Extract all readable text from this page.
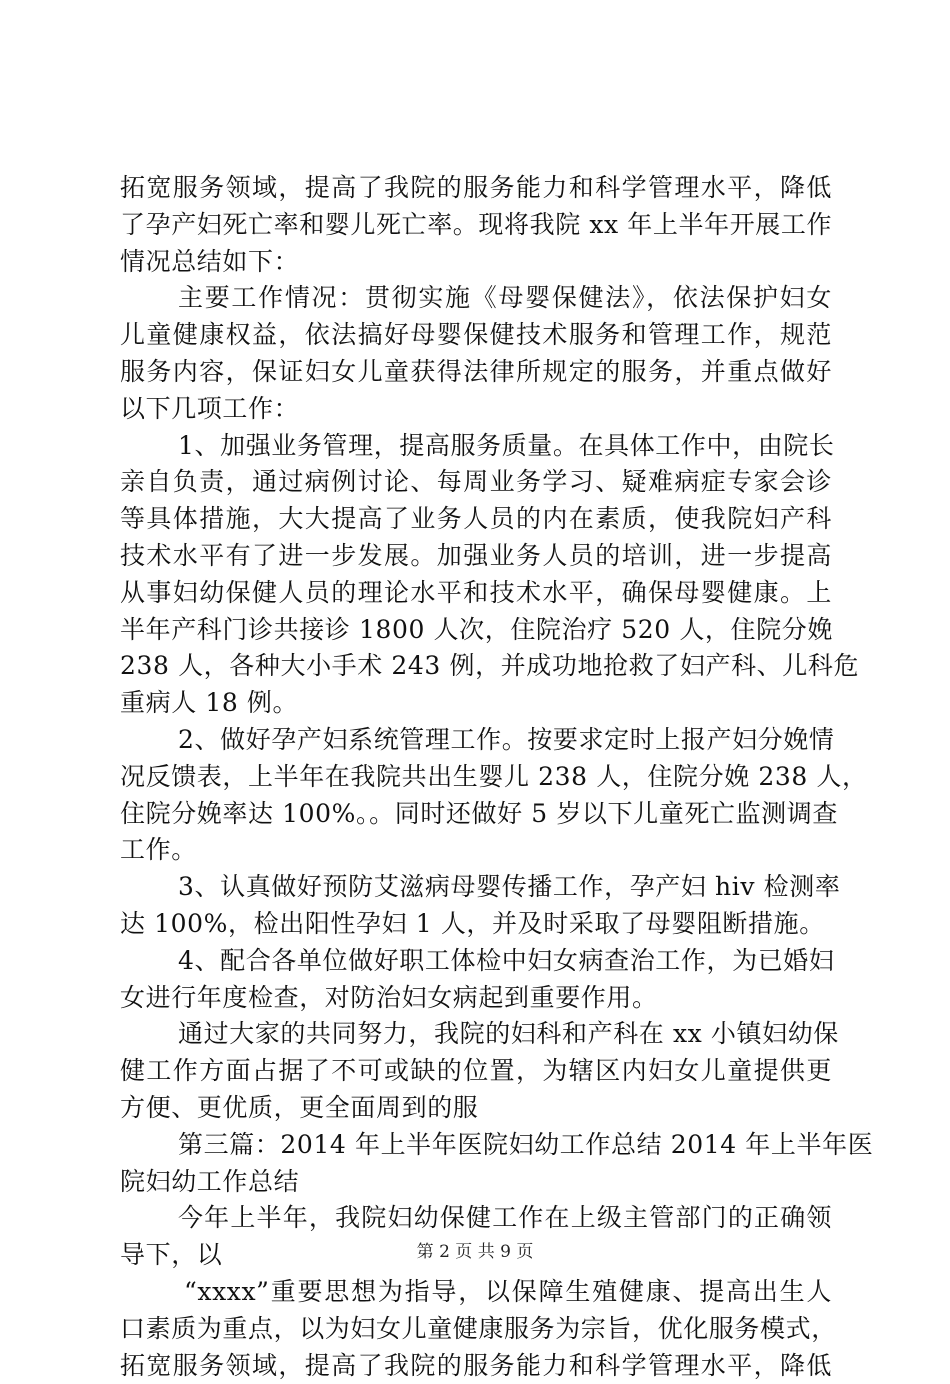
拓宽服务领域，提高了我院的服务能力和科学管理水平，降低
了孕产妇死亡率和婴儿死亡率。现将我院 xx 年上半年开展工作
情况总结如下：
主要工作情况：贯彻实施《母婴保健法》，依法保护妇女
儿童健康权益，依法搞好母婴保健技术服务和管理工作，规范
服务内容，保证妇女儿童获得法律所规定的服务，并重点做好
以下几项工作：
1、加强业务管理，提高服务质量。在具体工作中，由院长
亲自负责，通过病例讨论、每周业务学习、疑难病症专家会诊
等具体措施，大大提高了业务人员的内在素质，使我院妇产科
技术水平有了进一步发展。加强业务人员的培训，进一步提高
从事妇幼保健人员的理论水平和技术水平，确保母婴健康。上
半年产科门诊共接诊 1800 人次，住院治疗 520 人，住院分娩
238 人，各种大小手术 243 例，并成功地抢救了妇产科、儿科危
重病人 18 例。
2、做好孕产妇系统管理工作。按要求定时上报产妇分娩情
况反馈表，上半年在我院共出生婴儿 238 人，住院分娩 238 人，
住院分娩率达 100%。。同时还做好 5 岁以下儿童死亡监测调查
工作。
3、认真做好预防艾滋病母婴传播工作，孕产妇 hiv 检测率
达 100%，检出阳性孕妇 1 人，并及时采取了母婴阻断措施。
4、配合各单位做好职工体检中妇女病查治工作，为已婚妇
女进行年度检查，对防治妇女病起到重要作用。
通过大家的共同努力，我院的妇科和产科在 xx 小镇妇幼保
健工作方面占据了不可或缺的位置，为辖区内妇女儿童提供更
方便、更优质，更全面周到的服
第三篇：2014 年上半年医院妇幼工作总结 2014 年上半年医
院妇幼工作总结
今年上半年，我院妇幼保健工作在上级主管部门的正确领
导下，以
“xxxx”重要思想为指导，以保障生殖健康、提高出生人
口素质为重点，以为妇女儿童健康服务为宗旨，优化服务模式，
拓宽服务领域，提高了我院的服务能力和科学管理水平，降低
第 2 页 共 9 页
